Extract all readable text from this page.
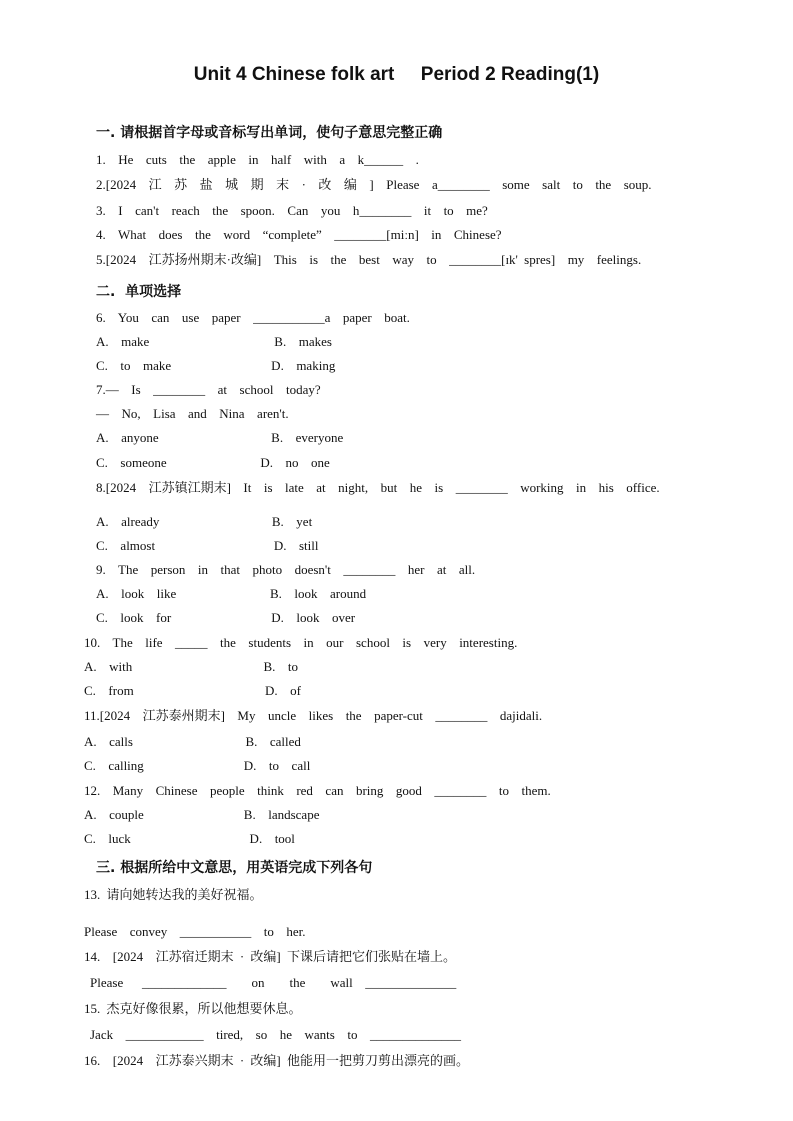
Unit 4 Chinese folk art     Period 2 Reading(1)
一. 请根据首字母或音标写出单词，使句子意思完整正确
1.  He  cuts  the  apple  in  half  with  a  k______  .
2.[2024  江  苏  盐  城  期  末  ·  改  编  ]  Please  a________  some  salt  to  the  soup.
3.  I  can't  reach  the  spoon.  Can  you  h________  it  to  me?
4.  What  does  the  word  “complete”  ________[miːn]  in  Chinese?
5.[2024  江苏扬州期末·改编]  This  is  the  best  way  to  ________[ɪk' spres]  my  feelings.
二.  单项选择
6.  You  can  use  paper  ___________a  paper  boat.
A.  make                    B.  makes
C.  to  make                D.  making
7.—  Is  ________  at  school  today?
—  No,  Lisa  and  Nina  aren't.
A.  anyone                  B.  everyone
C.  someone               D.  no  one
8.[2024  江苏镇江期末]  It  is  late  at  night,  but  he  is  ________  working  in  his  office.
A.  already                  B.  yet
C.  almost                   D.  still
9.  The  person  in  that  photo  doesn't  ________  her  at  all.
A.  look  like               B.  look  around
C.  look  for                D.  look  over
10.  The  life  _____  the  students  in  our  school  is  very  interesting.
A.  with                     B.  to
C.  from                     D.  of
11.[2024  江苏泰州期末]  My  uncle  likes  the  paper-cut  ________  dajidali.
A.  calls                  B.  called
C.  calling                D.  to  call
12.  Many  Chinese  people  think  red  can  bring  good  ________  to  them.
A.  couple                B.  landscape
C.  luck                   D.  tool
三. 根据所给中文意思，用英语完成下列各句
13. 请向她转达我的美好祝福。
Please  convey  ___________  to  her.
14.  [2024  江苏宿迁期末 · 改编] 下课后请把它们张贴在墙上。
Please   _____________    on    the    wall  ______________
15. 杰克好像很累，所以他想要休息。
Jack  ____________  tired,  so  he  wants  to  ______________
16.  [2024  江苏泰兴期末 · 改编] 他能用一把剪刀剪出漂亮的画。
